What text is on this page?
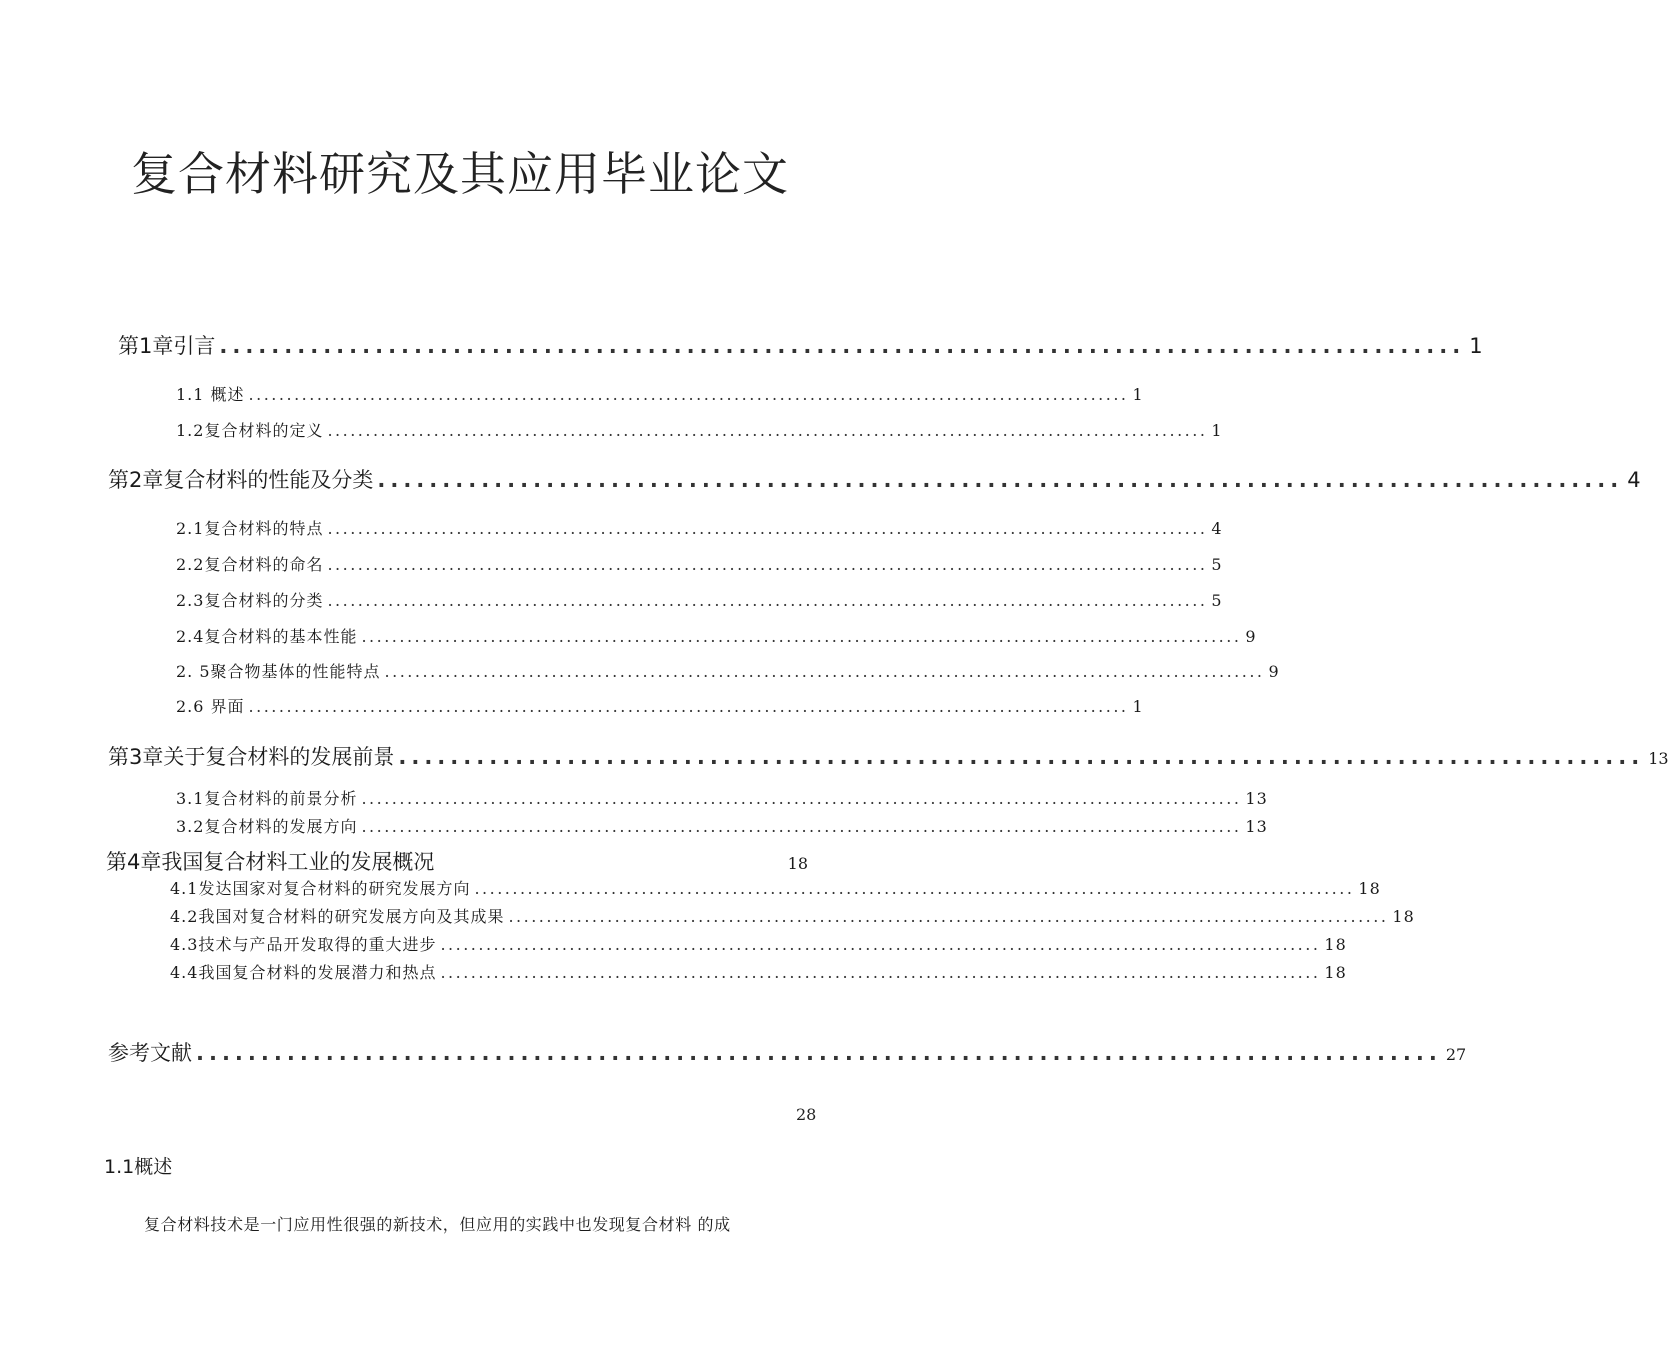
复合材料研究及其应用毕业论文
第1章引言 ................................................................................................ 1
1.1 概述 .................................................................................................................... 1
1.2复合材料的定义 .................................................................................................................... 1
第2章复合材料的性能及分类 ................................................................................................ 4
2.1复合材料的特点 .................................................................................................................... 4
2.2复合材料的命名 .................................................................................................................... 5
2.3复合材料的分类 .................................................................................................................... 5
2.4复合材料的基本性能 .................................................................................................................... 9
2. 5聚合物基体的性能特点 .................................................................................................................... 9
2.6 界面 .................................................................................................................... 1
第3章关于复合材料的发展前景 ................................................................................................ 13
3.1复合材料的前景分析 .................................................................................................................... 13
3.2复合材料的发展方向 .................................................................................................................... 13
第4章我国复合材料工业的发展概况	18
4.1发达国家对复合材料的研究发展方向 .................................................................................................................... 18
4.2我国对复合材料的研究发展方向及其成果 .................................................................................................................... 18
4.3技术与产品开发取得的重大进步 .................................................................................................................... 18
4.4我国复合材料的发展潜力和热点 .................................................................................................................... 18
参考文献 ................................................................................................ 27
28
1.1概述
复合材料技术是一门应用性很强的新技术，但应用的实践中也发现复合材料 的成
